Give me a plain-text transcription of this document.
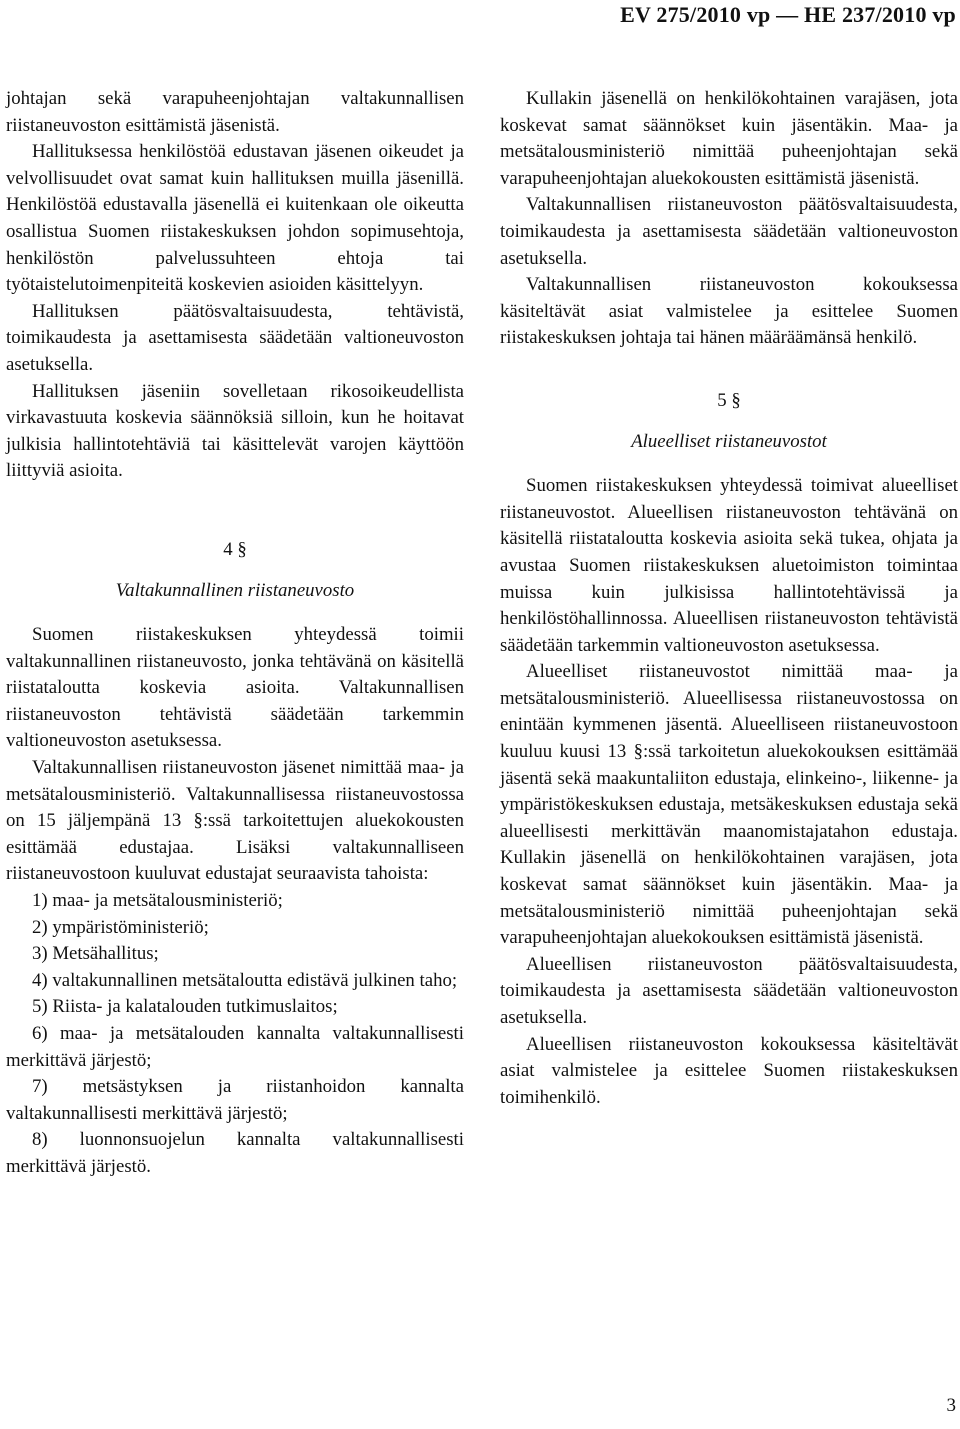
EV 275/2010 vp — HE 237/2010 vp

johtajan sekä varapuheenjohtajan valtakunnallisen riistaneuvoston esittämistä jäsenistä.

Hallituksessa henkilöstöä edustavan jäsenen oikeudet ja velvollisuudet ovat samat kuin hallituksen muilla jäsenillä. Henkilöstöä edustavalla jäsenellä ei kuitenkaan ole oikeutta osallistua Suomen riistakeskuksen johdon sopimusehtoja, henkilöstön palvelussuhteen ehtoja tai työtaistelutoimenpiteitä koskevien asioiden käsittelyyn.

Hallituksen päätösvaltaisuudesta, tehtävistä, toimikaudesta ja asettamisesta säädetään valtioneuvoston asetuksella.

Hallituksen jäseniin sovelletaan rikosoikeudellista virkavastuuta koskevia säännöksiä silloin, kun he hoitavat julkisia hallintotehtäviä tai käsittelevät varojen käyttöön liittyviä asioita.

4 §

Valtakunnallinen riistaneuvosto

Suomen riistakeskuksen yhteydessä toimii valtakunnallinen riistaneuvosto, jonka tehtävänä on käsitellä riistataloutta koskevia asioita. Valtakunnallisen riistaneuvoston tehtävistä säädetään tarkemmin valtioneuvoston asetuksessa.

Valtakunnallisen riistaneuvoston jäsenet nimittää maa- ja metsätalousministeriö. Valtakunnallisessa riistaneuvostossa on 15 jäljempänä 13 §:ssä tarkoitettujen aluekokousten esittämää edustajaa. Lisäksi valtakunnalliseen riistaneuvostoon kuuluvat edustajat seuraavista tahoista:

1) maa- ja metsätalousministeriö;

2) ympäristöministeriö;

3) Metsähallitus;

4) valtakunnallinen metsätaloutta edistävä julkinen taho;

5) Riista- ja kalatalouden tutkimuslaitos;

6) maa- ja metsätalouden kannalta valtakunnallisesti merkittävä järjestö;

7) metsästyksen ja riistanhoidon kannalta valtakunnallisesti merkittävä järjestö;

8) luonnonsuojelun kannalta valtakunnallisesti merkittävä järjestö.

Kullakin jäsenellä on henkilökohtainen varajäsen, jota koskevat samat säännökset kuin jäsentäkin. Maa- ja metsätalousministeriö nimittää puheenjohtajan sekä varapuheenjohtajan aluekokousten esittämistä jäsenistä.

Valtakunnallisen riistaneuvoston päätösvaltaisuudesta, toimikaudesta ja asettamisesta säädetään valtioneuvoston asetuksella.

Valtakunnallisen riistaneuvoston kokouksessa käsiteltävät asiat valmistelee ja esittelee Suomen riistakeskuksen johtaja tai hänen määräämänsä henkilö.

5 §

Alueelliset riistaneuvostot

Suomen riistakeskuksen yhteydessä toimivat alueelliset riistaneuvostot. Alueellisen riistaneuvoston tehtävänä on käsitellä riistataloutta koskevia asioita sekä tukea, ohjata ja avustaa Suomen riistakeskuksen aluetoimiston toimintaa muissa kuin julkisissa hallintotehtävissä ja henkilöstöhallinnossa. Alueellisen riistaneuvoston tehtävistä säädetään tarkemmin valtioneuvoston asetuksessa.

Alueelliset riistaneuvostot nimittää maa- ja metsätalousministeriö. Alueellisessa riistaneuvostossa on enintään kymmenen jäsentä. Alueelliseen riistaneuvostoon kuuluu kuusi 13 §:ssä tarkoitetun aluekokouksen esittämää jäsentä sekä maakuntaliiton edustaja, elinkeino-, liikenne- ja ympäristökeskuksen edustaja, metsäkeskuksen edustaja sekä alueellisesti merkittävän maanomistajatahon edustaja. Kullakin jäsenellä on henkilökohtainen varajäsen, jota koskevat samat säännökset kuin jäsentäkin. Maa- ja metsätalousministeriö nimittää puheenjohtajan sekä varapuheenjohtajan aluekokouksen esittämistä jäsenistä.

Alueellisen riistaneuvoston päätösvaltaisuudesta, toimikaudesta ja asettamisesta säädetään valtioneuvoston asetuksella.

Alueellisen riistaneuvoston kokouksessa käsiteltävät asiat valmistelee ja esittelee Suomen riistakeskuksen toimihenkilö.

3
